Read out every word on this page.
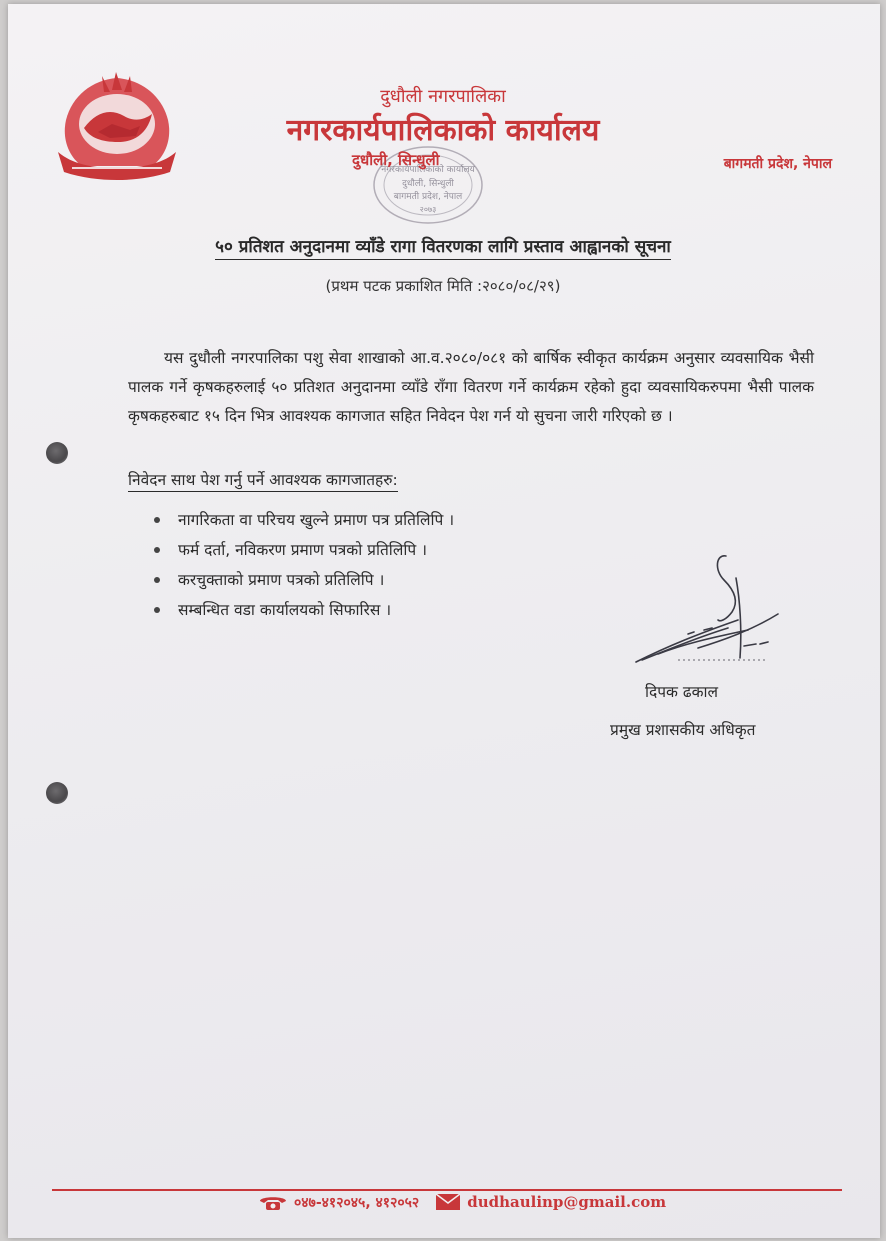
दुधौली नगरपालिका
नगरकार्यपालिकाको कार्यालय
नगरकार्यपालिकाको कार्यालय
दुधौली, सिन्धुली
बागमती प्रदेश, नेपाल
२०७३
दुधौली, सिन्धुली	बागमती प्रदेश, नेपाल
५० प्रतिशत अनुदानमा व्याँडे रागा वितरणका लागि प्रस्ताव आह्वानको सूचना
(प्रथम पटक प्रकाशित मिति :२०८०/०८/२९)
यस दुधौली नगरपालिका पशु सेवा शाखाको आ.व.२०८०/०८१ को बार्षिक स्वीकृत कार्यक्रम अनुसार व्यवसायिक भैसी पालक गर्ने कृषकहरुलाई ५० प्रतिशत अनुदानमा व्याँडे राँगा वितरण गर्ने कार्यक्रम रहेको हुदा व्यवसायिकरुपमा भैसी पालक कृषकहरुबाट १५ दिन भित्र आवश्यक कागजात सहित निवेदन पेश गर्न यो सुचना जारी गरिएको छ ।
निवेदन साथ पेश गर्नु पर्ने आवश्यक कागजातहरु:
नागरिकता वा परिचय खुल्ने प्रमाण पत्र प्रतिलिपि ।
फर्म दर्ता, नविकरण प्रमाण पत्रको प्रतिलिपि ।
करचुक्ताको प्रमाण पत्रको प्रतिलिपि ।
सम्बन्धित वडा कार्यालयको सिफारिस ।
दिपक ढकाल
प्रमुख प्रशासकीय अधिकृत
०४७-४१२०४५, ४१२०५२	dudhaulinp@gmail.com
